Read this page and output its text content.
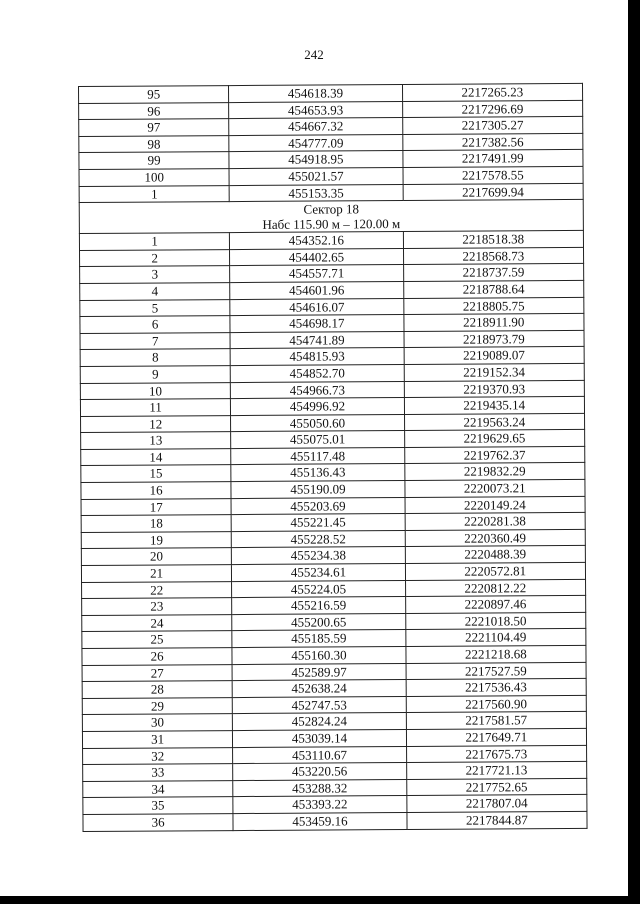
242
95	454618.39	2217265.23
96	454653.93	2217296.69
97	454667.32	2217305.27
98	454777.09	2217382.56
99	454918.95	2217491.99
100	455021.57	2217578.55
1	455153.35	2217699.94

Сектор 18
Набс 115.90 м – 120.00 м		

1	454352.16	2218518.38
2	454402.65	2218568.73
3	454557.71	2218737.59
4	454601.96	2218788.64
5	454616.07	2218805.75
6	454698.17	2218911.90
7	454741.89	2218973.79
8	454815.93	2219089.07
9	454852.70	2219152.34
10	454966.73	2219370.93
11	454996.92	2219435.14
12	455050.60	2219563.24
13	455075.01	2219629.65
14	455117.48	2219762.37
15	455136.43	2219832.29
16	455190.09	2220073.21
17	455203.69	2220149.24
18	455221.45	2220281.38
19	455228.52	2220360.49
20	455234.38	2220488.39
21	455234.61	2220572.81
22	455224.05	2220812.22
23	455216.59	2220897.46
24	455200.65	2221018.50
25	455185.59	2221104.49
26	455160.30	2221218.68
27	452589.97	2217527.59
28	452638.24	2217536.43
29	452747.53	2217560.90
30	452824.24	2217581.57
31	453039.14	2217649.71
32	453110.67	2217675.73
33	453220.56	2217721.13
34	453288.32	2217752.65
35	453393.22	2217807.04
36	453459.16	2217844.87
